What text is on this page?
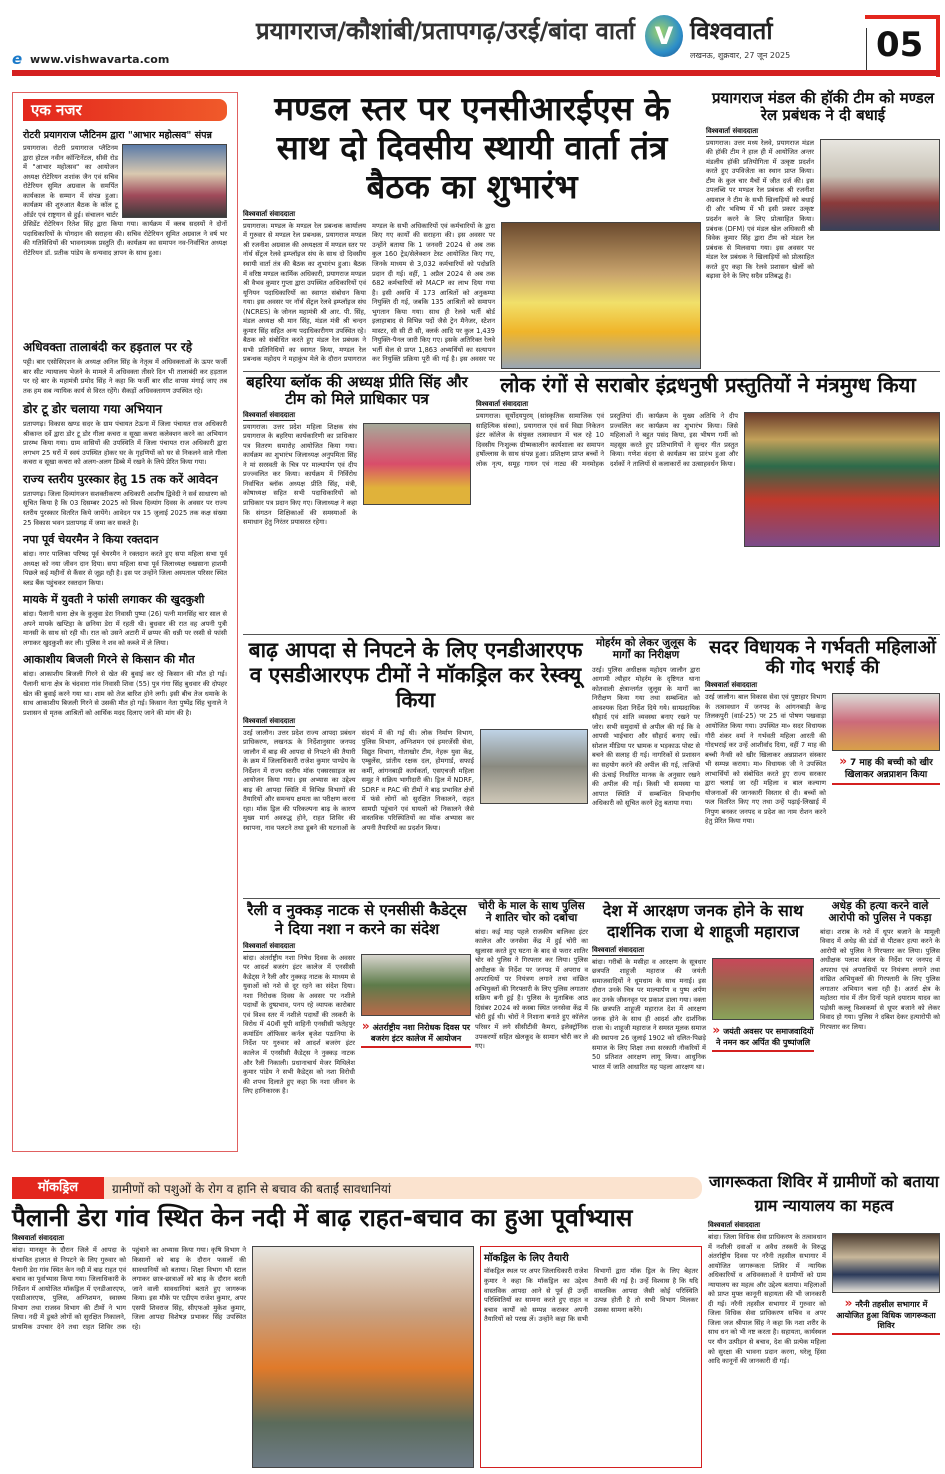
प्रयागराज/कौशांबी/प्रतापगढ़/उरई/बांदा वार्ता V विश्ववार्ता
लखनऊ, शुक्रवार, 27 जून 2025	05
e www.vishwavarta.com
एक नजर
रोटरी प्रयागराज प्लैटिनम द्वारा "आभार महोत्सव" संपन्न
प्रयागराज। रोटरी प्रयागराज प्लैटिनम द्वारा होटल नवीन कॉन्टिनेंटल, सीवी रोड में "आभार महोत्सव" का आयोजन अध्यक्ष रोटेरियन शशांक जैन एवं सचिव रोटेरियन सुमित अग्रवाल के समर्पित कार्यकाल के सम्मान में संपन्न हुआ। कार्यक्रम की शुरुआत बैठक के कॉल टू ऑर्डर एवं राष्ट्रगान से हुई। संचालन चार्टर प्रेसिडेंट रोटेरियन रितेश सिंह द्वारा किया गया। कार्यक्रम में क्लब सदस्यों ने दोनों पदाधिकारियों के योगदान की सराहना की। सचिव रोटेरियन सुमित अग्रवाल ने वर्ष भर की गतिविधियों की भावनात्मक प्रस्तुति दी। कार्यक्रम का समापन नव-निर्वाचित अध्यक्ष रोटेरियन डॉ. प्रतीक पांडेय के धन्यवाद ज्ञापन के साथ हुआ।
अधिवक्ता तालाबंदी कर हड़ताल पर रहे
पट्टी। बार एसोसिएशन के अध्यक्ष अनिल सिंह के नेतृत्व में अधिवक्ताओं के ऊपर फर्जी बार सीट न्यायालय भेजने के मामले में अधिवक्ता तीसरे दिन भी तालाबंदी कर हड़ताल पर रहे बार के महामंत्री प्रमोद सिंह ने कहा कि फर्जी बार सीट वापस मंगाई जाए तब तक हम सब न्यायिक कार्य से विरत रहेंगे। सैकड़ों अधिवक्तागण उपस्थित रहे।
डोर टू डोर चलाया गया अभियान
प्रतापगढ़। विकास खण्ड सदर के ग्राम पंचायत टेऊना में जिला पंचायत राज अधिकारी श्रीकान्त दर्वे द्वारा डोर टू डोर गीला कचरा व सूखा कचरा कलेक्शन करने का अभियान प्रारम्भ किया गया। ग्राम वासियों की उपस्थिति में जिला पंचायत राज अधिकारी द्वारा लगभग 25 घरों में स्वयं उपस्थित होकर घर के गृहणियों को घर से निकलने वाले गीला कचरा व सूखा कचरा को अलग-अलग डिब्बे में रखने के लिये प्रेरित किया गया।
राज्य स्तरीय पुरस्कार हेतु 15 तक करें आवेदन
प्रतापगढ़। जिला दिव्यांगजन सशक्तीकरण अधिकारी आशीष द्विवेदी ने सर्व साधारण को सूचित किया है कि 03 दिसम्बर 2025 को विश्व दिव्यांग दिवस के अवसर पर राज्य स्तरीय पुरस्कार वितरित किये जायेंगे। आवेदन पत्र 15 जुलाई 2025 तक कक्ष संख्या 25 विकास भवन प्रतापगढ़ में जमा कर सकते है।
नपा पूर्व चेयरमैन ने किया रक्तदान
बांदा। नगर पालिका परिषद पूर्व चेयरमैन ने रक्तदान करते हुए सपा महिला सभा पूर्व अध्यक्ष को नया जीवन दान दिया। सपा महिला सभा पूर्व जिलाध्यक्ष रुखसाना हाशमी पिछले कई महीनों से कैंसर से जूझ रही है। इस पर उन्होंने जिला अस्पताल परिसर स्थित ब्लड बैंक पहुंचकर रक्तदान किया।
मायके में युवती ने फांसी लगाकर की खुदकुशी
बांदा। पैलानी थाना क्षेत्र के कुलुवा डेरा निवासी पुष्पा (26) पत्नी मानसिंह चार साल से अपने मायके खप्टिहा के छनिया डेरा में रहती थी। बुधवार की रात वह अपनी पुत्री मानसी के साथ सो रही थी। रात को उसने अटारी में छप्पर की धन्नी पर रस्सी से फांसी लगाकर खुदकुशी कर ली। पुलिस ने शव को कब्जे में ले लिया।
आकाशीय बिजली गिरने से किसान की मौत
बांदा। आकाशीय बिजली गिरने से खेत की बुवाई कर रहे किसान की मौत हो गई। पैलानी थाना क्षेत्र के चंदवारा गांव निवासी शिवा (55) पुत्र गंगा सिंह बुधवार की दोपहर खेत की बुवाई करने गया था। शाम को तेज बारिश होने लगी। इसी बीच तेज धमाके के साथ आकाशीय बिजली गिरने से उसकी मौत हो गई। किसान नेता पुष्पेंद्र सिंह चुनाले ने प्रशासन से मृतक आश्रितों को आर्थिक मदद दिलाए जाने की मांग की है।
मण्डल स्तर पर एनसीआरईएस के साथ दो दिवसीय स्थायी वार्ता तंत्र बैठक का शुभारंभ
विश्ववार्ता संवाददाता
प्रयागराज। मण्डल के मण्डल रेल प्रबन्धक कार्यालय में गुरुवार से मण्डल रेल प्रबन्धक, प्रयागराज मण्डल श्री रजनीश अग्रवाल की अध्यक्षता में मण्डल स्तर पर नॉर्थ सेंट्रल रेलवे इम्प्लॉइज संघ के साथ दो दिवसीय स्थायी वार्ता तंत्र की बैठक का शुभारंभ हुआ। बैठक में वरिष्ठ मण्डल कार्मिक अधिकारी, प्रयागराज मण्डल श्री वैभव कुमार गुप्ता द्वारा उपस्थित अधिकारियों एवं यूनियन पदाधिकारियों का स्वागत संबोधन किया गया। इस अवसर पर नॉर्थ सेंट्रल रेलवे इम्प्लॉइज संघ (NCRES) के जोनल महामंत्री श्री आर. पी. सिंह, मंडल अध्यक्ष श्री मान सिंह, मंडल मंत्री श्री चन्दन कुमार सिंह सहित अन्य पदाधिकारीगण उपस्थित रहे। बैठक को संबोधित करते हुए मंडल रेल प्रबंधक ने सभी प्रतिनिधियों का स्वागत किया, मण्डल रेल प्रबन्धक महोदय ने महाकुंभ मेले के दौरान प्रयागराज मण्डल के सभी अधिकारियों एवं कर्मचारियों के द्वारा किए गए कार्यों की सराहना की। इस अवसर पर उन्होंने बताया कि 1 जनवरी 2024 से अब तक कुल 160 ट्रेड/सेलेक्शन टेस्ट आयोजित किए गए, जिनके माध्यम से 3,032 कर्मचारियों को पदोन्नति प्रदान दी गई। वहीं, 1 अप्रैल 2024 से अब तक 682 कर्मचारियों को MACP का लाभ दिया गया है। इसी अवधि में 173 आश्रितों को अनुकम्पा नियुक्ति दी गई, जबकि 135 आश्रितों को समापन भुगतान किया गया। साथ ही रेलवे भर्ती बोर्ड इलाहाबाद से विभिन्न पदों जैसे ट्रेन मैनेजर, स्टेशन मास्टर, सी सी टी सी, क्लर्क आदि पर कुल 1,439 नियुक्ति-पैनल जारी किए गए। इसके अतिरिक्त रेलवे भर्ती सेल से प्राप्त 1,863 अभ्यर्थियों का सत्यापन कर नियुक्ति प्रक्रिया पूरी की गई है। इस अवसर पर
प्रयागराज मंडल की हॉकी टीम को मण्डल रेल प्रबंधक ने दी बधाई
विश्ववार्ता संवाददाता
प्रयागराज। उत्तर मध्य रेलवे, प्रयागराज मंडल की हॉकी टीम ने हाल ही में आयोजित अन्तर मंडलीय हॉकी प्रतियोगिता में उत्कृष्ट प्रदर्शन करते हुए उपविजेता का स्थान प्राप्त किया। टीम के कुल चार मैचों में जीत दर्ज की। इस उपलब्धि पर मण्डल रेल प्रबंधक श्री रजनीश अग्रवाल ने टीम के सभी खिलाड़ियों को बधाई दी और भविष्य में भी इसी प्रकार उत्कृष्ट प्रदर्शन करने के लिए प्रोत्साहित किया। प्रबंधक (DFM) एवं मंडल खेल अधिकारी श्री विवेक कुमार सिंह द्वारा टीम को मंडल रेल प्रबंधक से मिलवाया गया। इस अवसर पर मंडल रेल प्रबंधक ने खिलाड़ियों को प्रोत्साहित करते हुए कहा कि रेलवे प्रशासन खेलों को बढ़ावा देने के लिए सदैव प्रतिबद्ध है।
बहरिया ब्लॉक की अध्यक्ष प्रीति सिंह और टीम को मिले प्राधिकार पत्र
विश्ववार्ता संवाददाता
प्रयागराज। उत्तर प्रदेश महिला शिक्षक संघ प्रयागराज के बहरिया कार्यकारिणी का प्राधिकार पत्र वितरण समारोह आयोजित किया गया। कार्यक्रम का शुभारंभ जिलाध्यक्ष अनुपमिता सिंह ने मां सरस्वती के चित्र पर माल्यार्पण एवं दीप प्रज्ज्वलित कर किया। कार्यक्रम में निर्विरोध निर्वाचित ब्लॉक अध्यक्ष प्रीति सिंह, मंत्री, कोषाध्यक्ष सहित सभी पदाधिकारियों को प्राधिकार पत्र प्रदान किए गए। जिलाध्यक्ष ने कहा कि संगठन शिक्षिकाओं की समस्याओं के समाधान हेतु निरंतर प्रयासरत रहेगा।
लोक रंगों से सराबोर इंद्रधनुषी प्रस्तुतियों ने मंत्रमुग्ध किया
विश्ववार्ता संवाददाता
प्रयागराज। सूर्योदयपुरम् (सांस्कृतिक सामाजिक एवं साहित्यिक संस्था), प्रयागराज एवं सर्व विद्या निकेतन इंटर कॉलेज के संयुक्त तत्वावधान में चल रहे 10 दिवसीय निःशुल्क ग्रीष्मकालीन कार्यशाला का समापन हर्षोल्लास के साथ संपन्न हुआ। प्रशिक्षण प्राप्त बच्चों ने लोक नृत्य, समूह गायन एवं नाट्य की मनमोहक प्रस्तुतियां दीं। कार्यक्रम के मुख्य अतिथि ने दीप प्रज्वलित कर कार्यक्रम का शुभारंभ किया। जिसे महिलाओं ने बहुत पसंद किया, इस भीषण गर्मी को महसूस करते हुए प्रतिभागियों ने सुन्दर गीत प्रस्तुत किया। गणेश वंदना से कार्यक्रम का प्रारंभ हुआ और दर्शकों ने तालियों से कलाकारों का उत्साहवर्धन किया।
बाढ़ आपदा से निपटने के लिए एनडीआरएफ व एसडीआरएफ टीमों ने मॉकड्रिल कर रेस्क्यू किया
विश्ववार्ता संवाददाता
उरई जालौन। उत्तर प्रदेश राज्य आपदा प्रबंधन प्राधिकरण, लखनऊ के निर्देशानुसार जनपद जालौन में बाढ़ की आपदा से निपटने की तैयारी के क्रम में जिलाधिकारी राजेश कुमार पाण्डेय के निर्देशन में राज्य स्तरीय मॉक एक्सरसाइज का आयोजन किया गया। इस अभ्यास का उद्देश्य बाढ़ की आपदा स्थिति में विभिन्न विभागों की तैयारियों और समन्वय क्षमता का परीक्षण करना रहा। मॉक ड्रिल की परिकल्पना बाढ़ के कारण मुख्य मार्ग अवरुद्ध होने, राहत शिविर की स्थापना, नाव पलटने तथा डूबने की घटनाओं के संदर्भ में की गई थी। लोक निर्माण विभाग, पुलिस विभाग, अग्निशमन एवं इमरजेंसी सेवा, विद्युत विभाग, गोताखोर टीम, नेहरू युवा केंद्र, एम्बुलेंस, प्रांतीय रक्षक दल, होमगार्ड, सफाई कर्मी, आंगनबाड़ी कार्यकर्ता, एसएचजी महिला समूह ने सक्रिय भागीदारी की। ड्रिल में NDRF, SDRF व PAC की टीमों ने बाढ़ प्रभावित क्षेत्रों में फंसे लोगों को सुरक्षित निकालने, राहत सामग्री पहुंचाने एवं घायलों को निकालने जैसे वास्तविक परिस्थितियों का मॉक अभ्यास कर अपनी तैयारियों का प्रदर्शन किया।
मोहर्रम को लेकर जुलूस के मार्गों का निरीक्षण
उरई। पुलिस अधीक्षक महोदय जालौन द्वारा आगामी त्यौहार मोहर्रम के दृष्टिगत थाना कोतवाली क्षेत्रान्तर्गत जुलूस के मार्गों का निरीक्षण किया गया तथा सम्बन्धित को आवश्यक दिशा निर्देश दिये गये। साम्प्रदायिक सौहार्द एवं शांति व्यवस्था बनाए रखने पर जोर। सभी समुदायों से अपील की गई कि वे आपसी भाईचारा और सौहार्द बनाए रखें। सोशल मीडिया पर भ्रामक व भड़काऊ पोस्ट से बचने की सलाह दी गई। नागरिकों से प्रशासन का सहयोग करने की अपील की गई, ताजियों की ऊंचाई निर्धारित मानक के अनुसार रखने की अपील की गई। किसी भी समस्या या आपात स्थिति में सम्बन्धित विभागीय अधिकारी को सूचित करने हेतु बताया गया।
सदर विधायक ने गर्भवती महिलाओं की गोद भराई की
विश्ववार्ता संवाददाता
उरई जालौन। बाल विकास सेवा एवं पुष्टाहार विभाग के तत्वावधान में जनपद के आंगनबाड़ी केन्द्र तिलकपुरी (वार्ड-25) पर 25 वां पोषण पखवाड़ा आयोजित किया गया। उपस्थित मा० सदर विधायक गौरी शंकर वर्मा ने गर्भवती महिला आरती की गोदभराई कर उन्हें आशीर्वाद दिया, वहीं 7 माह की बच्ची नैन्सी को खीर खिलाकर अन्नप्राशन संस्कार भी सम्पन्न कराया। मा० विधायक जी ने उपस्थित लाभार्थियों को संबोधित करते हुए राज्य सरकार द्वारा चलाई जा रही महिला व बाल कल्याण योजनाओं की जानकारी विस्तार से दी। बच्चों को फल वितरित किए गए तथा उन्हें पढ़ाई-लिखाई में निपुण बनकर जनपद व प्रदेश का नाम रोशन करने हेतु प्रेरित किया गया।
» 7 माह की बच्ची को खीर खिलाकर अन्नप्राशन किया
रैली व नुक्कड़ नाटक से एनसीसी कैडेट्स ने दिया नशा न करने का संदेश
विश्ववार्ता संवाददाता
बांदा। अंतर्राष्ट्रीय नशा निषेध दिवस के अवसर पर आदर्श बजरंग इंटर कालेज में एनसीसी कैडेट्स ने रैली और नुक्कड़ नाटक के माध्यम से युवाओं को नशे से दूर रहने का संदेश दिया। नशा निरोधक दिवस के अवसर पर नशीले पदार्थों के दुष्प्रभाव, पनप रहे व्यापक कारोबार एवं विश्व स्तर में नशीले पदार्थों की तस्करी के विरोध में 40वीं यूपी वाहिनी एनसीसी फतेहपुर कमांडिंग ऑफिसर कर्नल बृजेश पठानिया के निर्देश पर गुरुवार को आदर्श बजरंग इंटर कालेज में एनसीसी कैडेट्स ने नुक्कड़ नाटक और रैली निकाली। प्रधानाचार्य मेजर मिथिलेश कुमार पांडेय ने सभी कैडेट्स को नशा विरोधी की शपथ दिलाते हुए कहा कि नशा जीवन के लिए हानिकारक है।
» अंतर्राष्ट्रीय नशा निरोधक दिवस पर बजरंग इंटर कालेज में आयोजन
चोरी के माल के साथ पुलिस ने शातिर चोर को दबोचा
बांदा। कई माह पहले राजकीय बालिका इंटर कालेज और जनसेवा केंद्र में हुई चोरी का खुलासा करते हुए घटना के बाद से फरार शातिर चोर को पुलिस ने गिरफ्तार कर लिया। पुलिस अधीक्षक के निर्देश पर जनपद में अपराध व अपराधियों पर नियंत्रण लगाने तथा वांछित अभियुक्तों की गिरफ्तारी के लिए पुलिस लगातार सक्रिय बनी हुई है। पुलिस के मुताबिक आठ दिसंबर 2024 को कस्बा स्थित जनसेवा केंद्र में चोरी हुई थी। चोरों ने निशाना बनाते हुए कॉलेज परिसर में लगे सीसीटीवी कैमरा, इलेक्ट्रॉनिक उपकरणों सहित खेलकूद के सामान चोरी कर ले गए।
देश में आरक्षण जनक होने के साथ दार्शनिक राजा थे शाहूजी महाराज
विश्ववार्ता संवाददाता
बांदा। गरीबों के मसीहा व आरक्षण के सूत्रधार छत्रपति शाहूजी महाराज की जयंती समाजवादियों ने धूमधाम के साथ मनाई। इस दौरान उनके चित्र पर माल्यार्पण व पुष्प अर्पण कर उनके जीवनवृत पर प्रकाश डाला गया। वक्ता कि छत्रपति शाहूजी महाराज देश में आरक्षण जनक होने के साथ ही आदर्श और दार्शनिक राजा थे। शाहूजी महाराज ने समस्त मूलक समाज की स्थापना 26 जुलाई 1902 को दलित-पिछड़े समाज के लिए शिक्षा तथा सरकारी नौकरियों में 50 प्रतिशत आरक्षण लागू किया। आधुनिक भारत में जाति आधारित यह पहला आरक्षण था।
» जयंती अवसर पर समाजवादियों ने नमन कर अर्पित की पुष्पांजलि
अधेड़ की हत्या करने वाले आरोपी को पुलिस ने पकड़ा
बांदा। शराब के नशे में धूपर बजाने के मामूली विवाद में अधेड़ की डंडों से पीटकर हत्या करने के आरोपी को पुलिस ने गिरफ्तार कर लिया। पुलिस अधीक्षक पलाश बंसल के निर्देश पर जनपद में अपराध एवं अपराधियों पर नियंत्रण लगाने तथा वांछित अभियुक्तों की गिरफ्तारी के लिए पुलिस लगातार अभियान चला रही है। अतर्रा क्षेत्र के महोतरा गांव में तीन दिनों पहले दयाराम यादव का पड़ोसी कल्लू विश्वकर्मा से धूपर बजाने को लेकर विवाद हो गया। पुलिस ने दबिश देकर हत्यारोपी को गिरफ्तार कर लिया।
मॉकड्रिल	ग्रामीणों को पशुओं के रोग व हानि से बचाव की बताईं सावधानियां
पैलानी डेरा गांव स्थित केन नदी में बाढ़ राहत-बचाव का हुआ पूर्वाभ्यास
विश्ववार्ता संवाददाता
बांदा। मानसून के दौरान जिले में आपदा के संभावित हालात से निपटने के लिए गुरुवार को पैलानी डेरा गांव स्थित केन नदी में बाढ़ राहत एवं बचाव का पूर्वाभ्यास किया गया। जिलाधिकारी के निर्देशन में आयोजित मॉकड्रिल में एनडीआरएफ, एसडीआरएफ, पुलिस, अग्निशमन, स्वास्थ्य विभाग तथा राजस्व विभाग की टीमों ने भाग लिया। नदी में डूबते लोगों को सुरक्षित निकालने, प्राथमिक उपचार देने तथा राहत शिविर तक पहुंचाने का अभ्यास किया गया। कृषि विभाग ने किसानों को बाढ़ के दौरान फसलों की सावधानियों को बताया। शिक्षा विभाग भी स्टाल लगाकर छात्र-छात्राओं को बाढ़ के दौरान बरती जाने वाली सावधानियां बताते हुए जागरूक किया। इस मौके पर एडीएम राजेश कुमार, अपर एसपी शिवराज सिंह, सीएफओ मुकेश कुमार, जिला आपदा विशेषज्ञ प्रभाकर सिंह उपस्थित रहे।
मॉकड्रिल के लिए तैयारी
मॉकड्रिल स्थल पर अपर जिलाधिकारी राजेश कुमार ने कहा कि मॉकड्रिल का उद्देश्य वास्तविक आपदा आने से पूर्व ही उन्हीं परिस्थितियों का सामना करते हुए राहत व बचाव कार्यों को सम्पन्न कराकर अपनी तैयारियों को परख लें। उन्होंने कहा कि सभी विभागों द्वारा मॉक ड्रिल के लिए बेहतर तैयारी की गई है। उन्हें विश्वास है कि यदि वास्तविक आपदा जैसी कोई परिस्थिति उत्पन्न होती है तो सभी विभाग मिलकर उसका सामना करेंगे।
जागरूकता शिविर में ग्रामीणों को बताया ग्राम न्यायालय का महत्व
विश्ववार्ता संवाददाता
बांदा। जिला विधिक सेवा प्राधिकरण के तत्वावधान में नशीली दवाओं व अवैध तस्करी के विरुद्ध अंतर्राष्ट्रीय दिवस पर नरैनी तहसील सभागार में आयोजित जागरूकता शिविर में न्यायिक अधिकारियों व अधिवक्ताओं ने ग्रामीणों को ग्राम न्यायालय का महत्व और उद्देश्य बताया। महिलाओं को प्राप्त मुफ्त कानूनी सहायता की भी जानकारी दी गई। नरैनी तहसील सभागार में गुरुवार को जिला विधिक सेवा प्राधिकरण सचिव व अपर जिला जज श्रीपाल सिंह ने कहा कि नशा शरीर के साथ धन को भी नष्ट करता है। सहायता, कार्यस्थल पर यौन उत्पीड़न से बचाव, देश की प्रत्येक महिला को सुरक्षा की भावना प्रदान करना, घरेलू हिंसा आदि कानूनों की जानकारी दी गई।
» नरैनी तहसील सभागार में आयोजित हुआ विधिक जागरूकता शिविर
